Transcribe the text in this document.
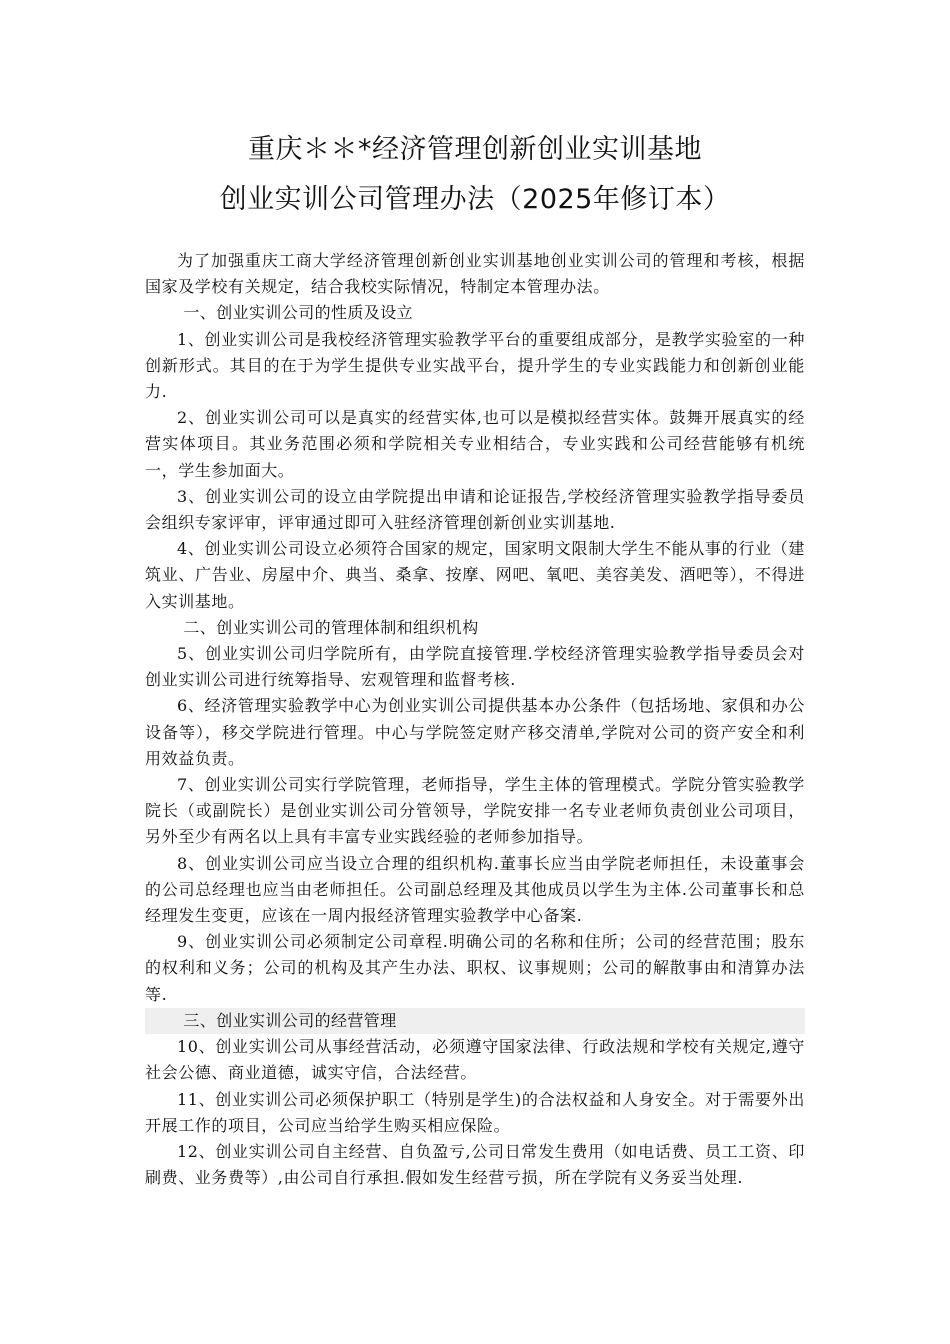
重庆＊＊*经济管理创新创业实训基地
创业实训公司管理办法（2025年修订本）

为了加强重庆工商大学经济管理创新创业实训基地创业实训公司的管理和考核，根据国家及学校有关规定，结合我校实际情况，特制定本管理办法。

一、创业实训公司的性质及设立

1、创业实训公司是我校经济管理实验教学平台的重要组成部分，是教学实验室的一种创新形式。其目的在于为学生提供专业实战平台，提升学生的专业实践能力和创新创业能力.

2、创业实训公司可以是真实的经营实体,也可以是模拟经营实体。鼓舞开展真实的经营实体项目。其业务范围必须和学院相关专业相结合，专业实践和公司经营能够有机统一，学生参加面大。

3、创业实训公司的设立由学院提出申请和论证报告,学校经济管理实验教学指导委员会组织专家评审，评审通过即可入驻经济管理创新创业实训基地.

4、创业实训公司设立必须符合国家的规定，国家明文限制大学生不能从事的行业（建筑业、广告业、房屋中介、典当、桑拿、按摩、网吧、氧吧、美容美发、酒吧等），不得进入实训基地。

二、创业实训公司的管理体制和组织机构

5、创业实训公司归学院所有，由学院直接管理.学校经济管理实验教学指导委员会对创业实训公司进行统筹指导、宏观管理和监督考核.

6、经济管理实验教学中心为创业实训公司提供基本办公条件（包括场地、家俱和办公设备等），移交学院进行管理。中心与学院签定财产移交清单,学院对公司的资产安全和利用效益负责。

7、创业实训公司实行学院管理，老师指导，学生主体的管理模式。学院分管实验教学院长（或副院长）是创业实训公司分管领导，学院安排一名专业老师负责创业公司项目，另外至少有两名以上具有丰富专业实践经验的老师参加指导。

8、创业实训公司应当设立合理的组织机构.董事长应当由学院老师担任，未设董事会的公司总经理也应当由老师担任。公司副总经理及其他成员以学生为主体.公司董事长和总经理发生变更，应该在一周内报经济管理实验教学中心备案.

9、创业实训公司必须制定公司章程.明确公司的名称和住所；公司的经营范围；股东的权利和义务；公司的机构及其产生办法、职权、议事规则；公司的解散事由和清算办法等.

三、创业实训公司的经营管理

10、创业实训公司从事经营活动，必须遵守国家法律、行政法规和学校有关规定,遵守社会公德、商业道德，诚实守信，合法经营。

11、创业实训公司必须保护职工（特别是学生)的合法权益和人身安全。对于需要外出开展工作的项目，公司应当给学生购买相应保险。

12、创业实训公司自主经营、自负盈亏,公司日常发生费用（如电话费、员工工资、印刷费、业务费等）,由公司自行承担.假如发生经营亏损，所在学院有义务妥当处理.
